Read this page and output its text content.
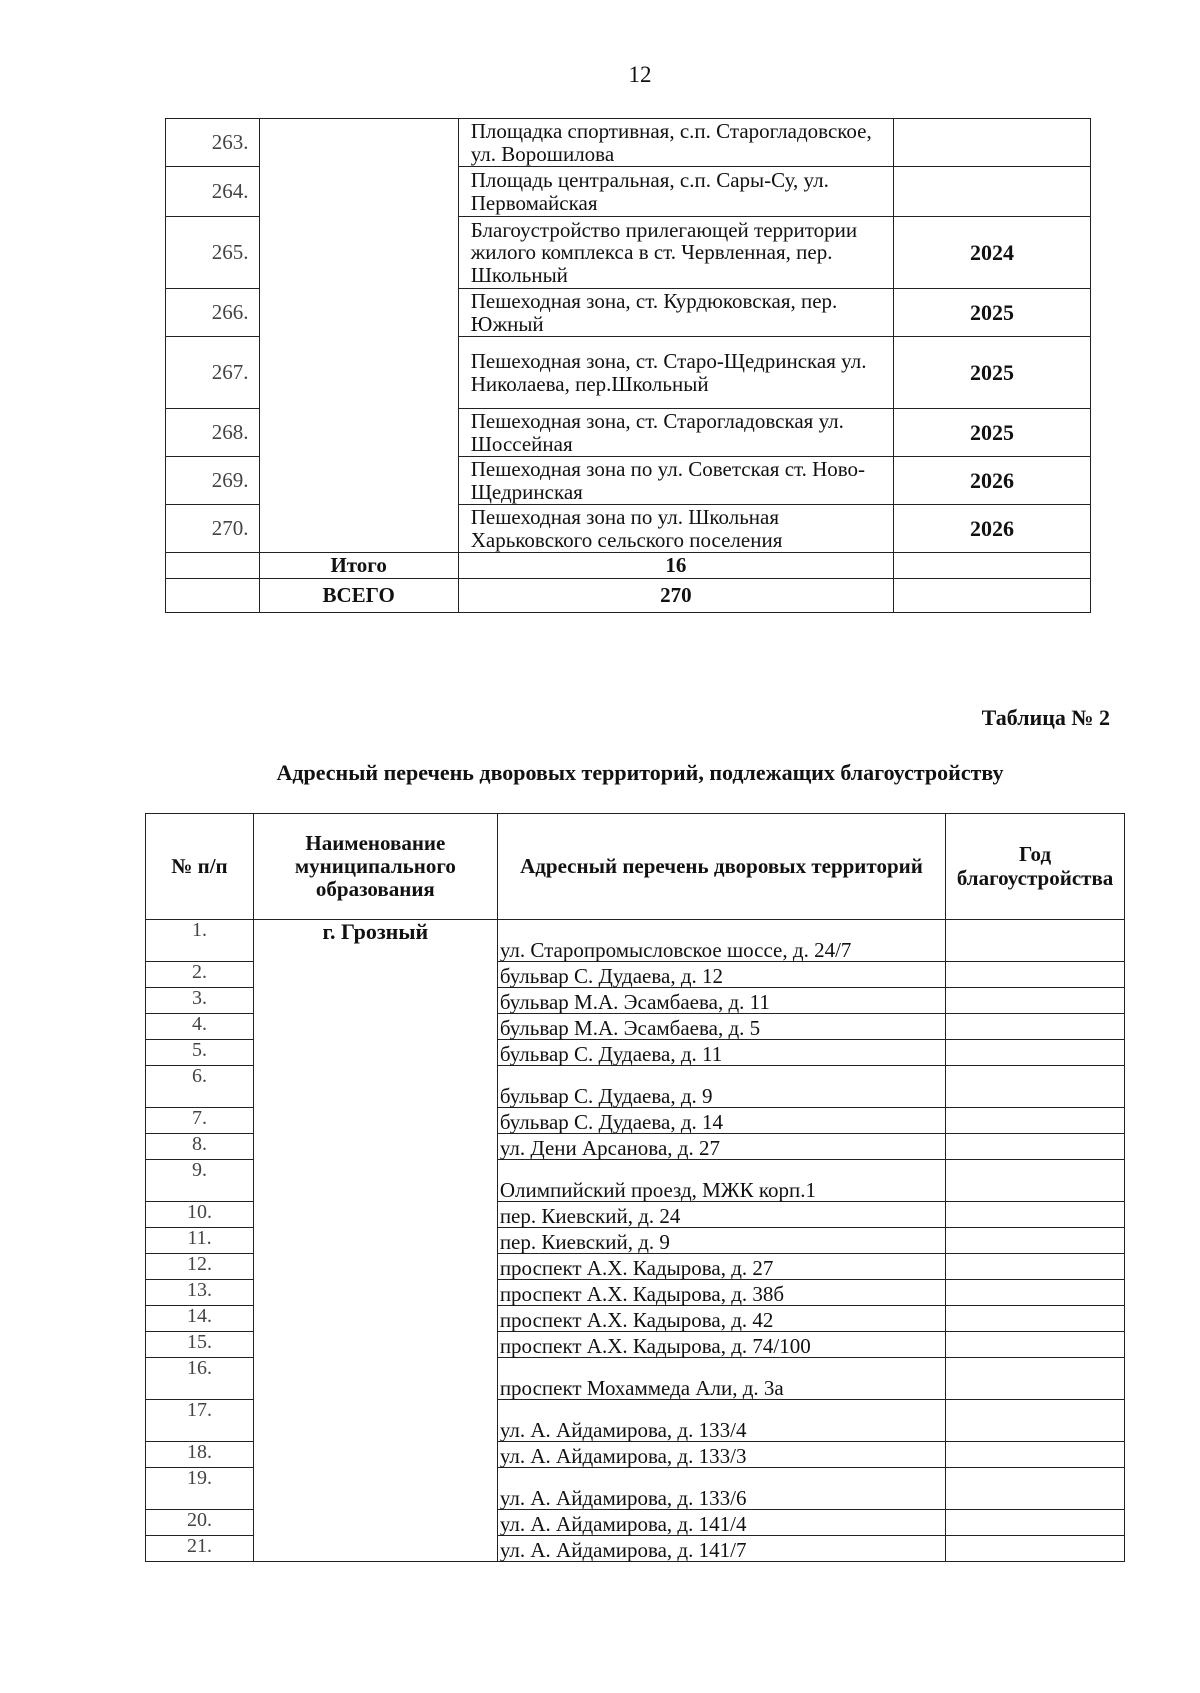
12
263.		Площадка спортивная, с.п. Старогладовское, ул. Ворошилова	
264.		Площадь центральная, с.п. Сары-Су, ул. Первомайская	
265.		Благоустройство прилегающей территории жилого комплекса в ст. Червленная, пер. Школьный	2024
266.		Пешеходная зона, ст. Курдюковская, пер. Южный	2025
267.		Пешеходная зона, ст. Старо-Щедринская ул. Николаева, пер.Школьный	2025
268.		Пешеходная зона, ст. Старогладовская ул. Шоссейная	2025
269.		Пешеходная зона по ул. Советская ст. Ново-Щедринская	2026
270.		Пешеходная зона по ул. Школьная Харьковского сельского поселения	2026
	Итого	16	
	ВСЕГО	270	
Таблица № 2
Адресный перечень дворовых территорий, подлежащих благоустройству
№ п/п	Наименование муниципального образования	Адресный перечень дворовых территорий	Год благоустройства
1.	г. Грозный	ул. Старопромысловское шоссе, д. 24/7	
2.		бульвар С. Дудаева, д. 12	
3.		бульвар М.А. Эсамбаева, д. 11	
4.		бульвар М.А. Эсамбаева, д. 5	
5.		бульвар С. Дудаева, д. 11	
6.		бульвар С. Дудаева, д. 9	
7.		бульвар С. Дудаева, д. 14	
8.		ул. Дени Арсанова, д. 27	
9.		Олимпийский проезд, МЖК корп.1	
10.		пер. Киевский, д. 24	
11.		пер. Киевский, д. 9	
12.		проспект А.Х. Кадырова, д. 27	
13.		проспект А.Х. Кадырова, д. 38б	
14.		проспект А.Х. Кадырова, д. 42	
15.		проспект А.Х. Кадырова, д. 74/100	
16.		проспект Мохаммеда Али, д. 3а	
17.		ул. А. Айдамирова, д. 133/4	
18.		ул. А. Айдамирова, д. 133/3	
19.		ул. А. Айдамирова, д. 133/6	
20.		ул. А. Айдамирова, д. 141/4	
21.		ул. А. Айдамирова, д. 141/7	
